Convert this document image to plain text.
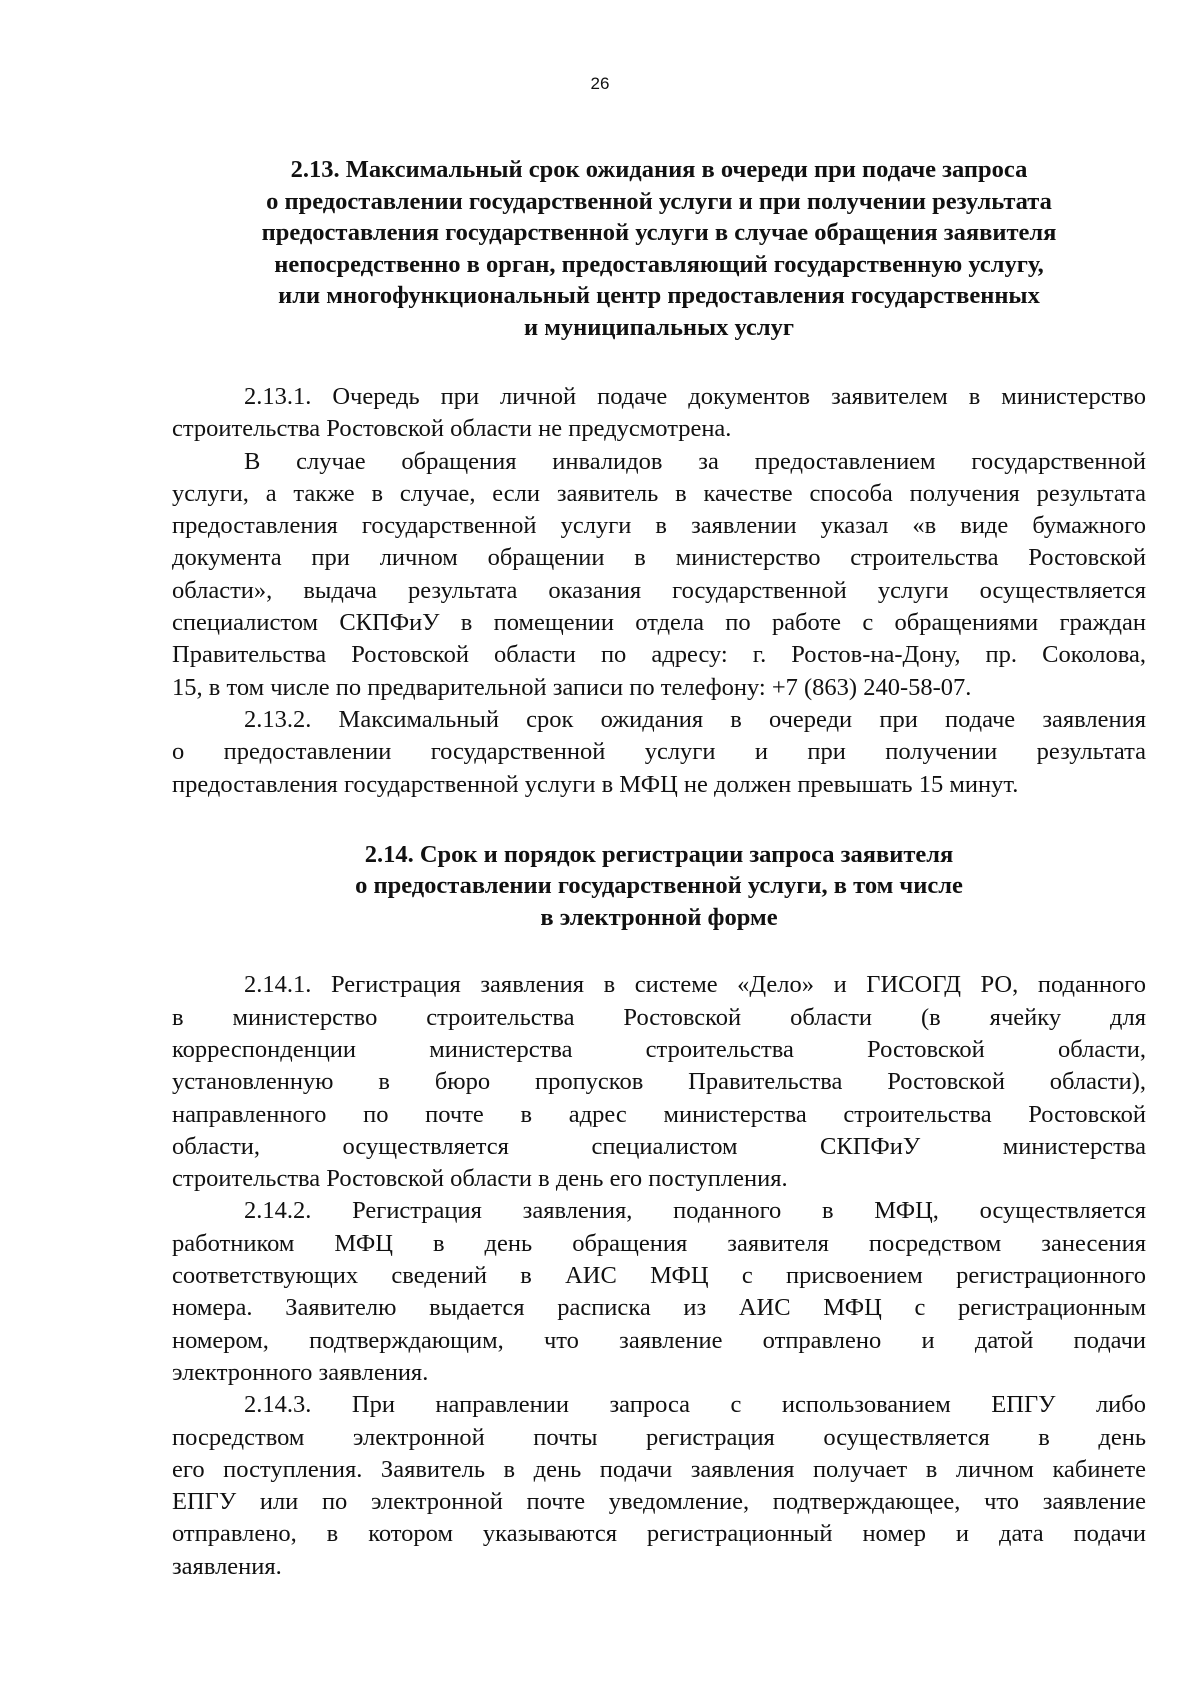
26
2.13. Максимальный срок ожидания в очереди при подаче запроса
о предоставлении государственной услуги и при получении результата
предоставления государственной услуги в случае обращения заявителя
непосредственно в орган, предоставляющий государственную услугу,
или многофункциональный центр предоставления государственных
и муниципальных услуг

2.13.1. Очередь при личной подаче документов заявителем в министерство
строительства Ростовской области не предусмотрена.

В случае обращения инвалидов за предоставлением государственной
услуги, а также в случае, если заявитель в качестве способа получения результата
предоставления государственной услуги в заявлении указал «в виде бумажного
документа при личном обращении в министерство строительства Ростовской
области», выдача результата оказания государственной услуги осуществляется
специалистом СКПФиУ в помещении отдела по работе с обращениями граждан
Правительства Ростовской области по адресу: г. Ростов-на-Дону, пр. Соколова,
15, в том числе по предварительной записи по телефону: +7 (863) 240-58-07.

2.13.2. Максимальный срок ожидания в очереди при подаче заявления
о предоставлении государственной услуги и при получении результата
предоставления государственной услуги в МФЦ не должен превышать 15 минут.

2.14. Срок и порядок регистрации запроса заявителя
о предоставлении государственной услуги, в том числе
в электронной форме

2.14.1. Регистрация заявления в системе «Дело» и ГИСОГД РО, поданного
в министерство строительства Ростовской области (в ячейку для
корреспонденции министерства строительства Ростовской области,
установленную в бюро пропусков Правительства Ростовской области),
направленного по почте в адрес министерства строительства Ростовской
области, осуществляется специалистом СКПФиУ министерства
строительства Ростовской области в день его поступления.

2.14.2. Регистрация заявления, поданного в МФЦ, осуществляется
работником МФЦ в день обращения заявителя посредством занесения
соответствующих сведений в АИС МФЦ с присвоением регистрационного
номера. Заявителю выдается расписка из АИС МФЦ с регистрационным
номером, подтверждающим, что заявление отправлено и датой подачи
электронного заявления.

2.14.3. При направлении запроса с использованием ЕПГУ либо
посредством электронной почты регистрация осуществляется в день
его поступления. Заявитель в день подачи заявления получает в личном кабинете
ЕПГУ или по электронной почте уведомление, подтверждающее, что заявление
отправлено, в котором указываются регистрационный номер и дата подачи
заявления.
